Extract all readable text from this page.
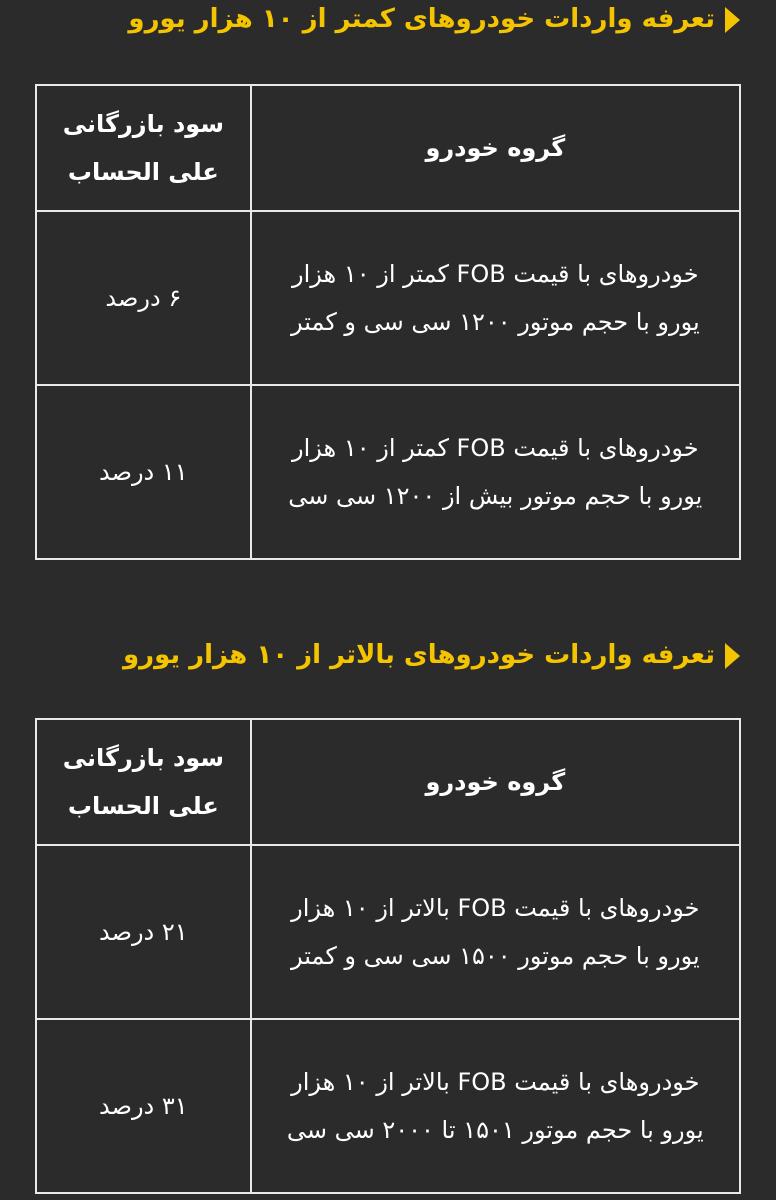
تعرفه واردات خودروهای کمتر از ۱۰ هزار یورو
گروه خودرو	سود بازرگانی علی الحساب
خودروهای با قیمت FOB کمتر از ۱۰ هزار یورو با حجم موتور ۱۲۰۰ سی سی و کمتر	۶ درصد
خودروهای با قیمت FOB کمتر از ۱۰ هزار یورو با حجم موتور بیش از ۱۲۰۰ سی سی	۱۱ درصد
تعرفه واردات خودروهای بالاتر از ۱۰ هزار یورو
گروه خودرو	سود بازرگانی علی الحساب
خودروهای با قیمت FOB بالاتر از ۱۰ هزار یورو با حجم موتور ۱۵۰۰ سی سی و کمتر	۲۱ درصد
خودروهای با قیمت FOB بالاتر از ۱۰ هزار یورو با حجم موتور ۱۵۰۱ تا ۲۰۰۰ سی سی	۳۱ درصد
